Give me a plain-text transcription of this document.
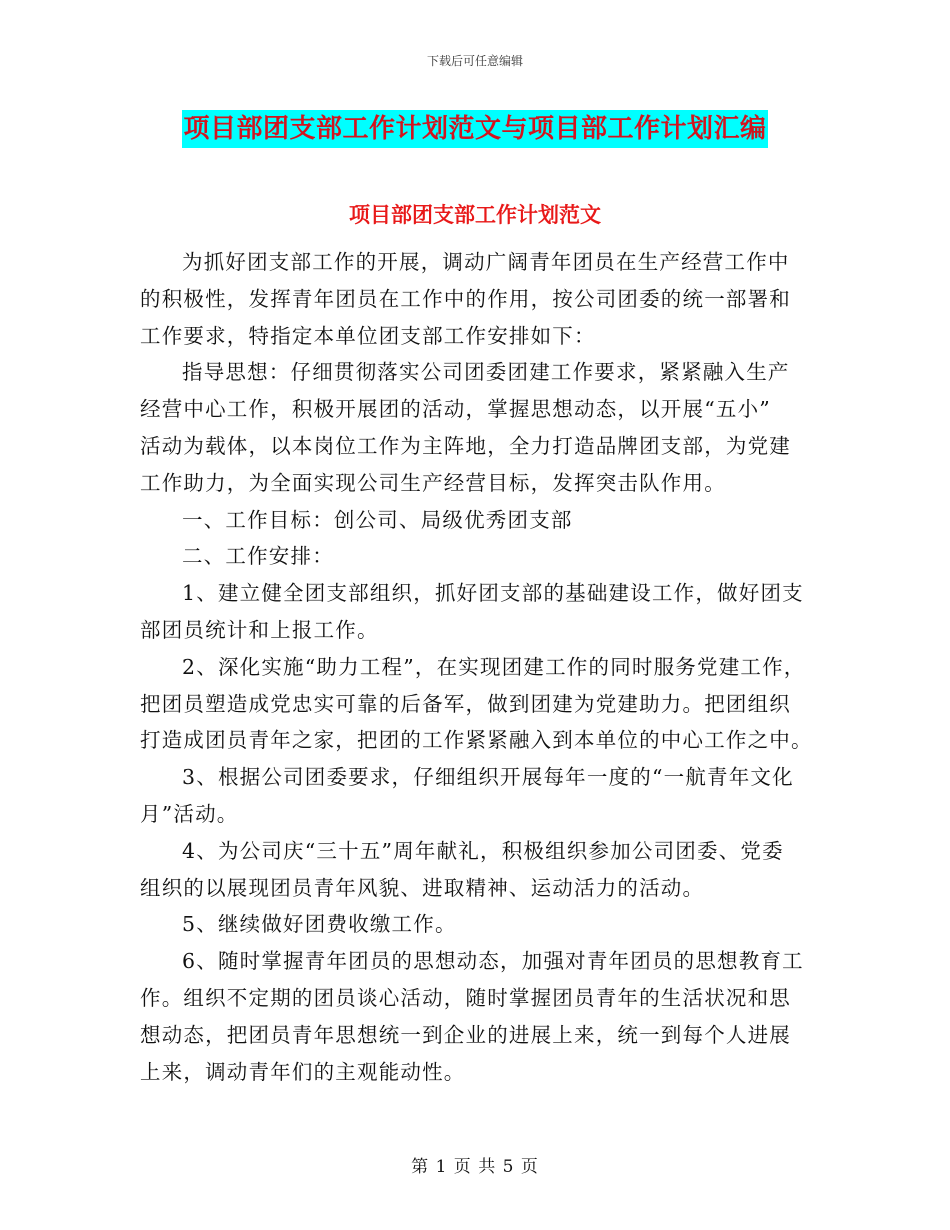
下载后可任意编辑
项目部团支部工作计划范文与项目部工作计划汇编
项目部团支部工作计划范文
为抓好团支部工作的开展，调动广阔青年团员在生产经营工作中
的积极性，发挥青年团员在工作中的作用，按公司团委的统一部署和
工作要求，特指定本单位团支部工作安排如下：
指导思想：仔细贯彻落实公司团委团建工作要求，紧紧融入生产
经营中心工作，积极开展团的活动，掌握思想动态，以开展“五小”
活动为载体，以本岗位工作为主阵地，全力打造品牌团支部，为党建
工作助力，为全面实现公司生产经营目标，发挥突击队作用。
一、工作目标：创公司、局级优秀团支部
二、工作安排：
1、建立健全团支部组织，抓好团支部的基础建设工作，做好团支
部团员统计和上报工作。
2、深化实施“助力工程”，在实现团建工作的同时服务党建工作，
把团员塑造成党忠实可靠的后备军，做到团建为党建助力。把团组织
打造成团员青年之家，把团的工作紧紧融入到本单位的中心工作之中。
3、根据公司团委要求，仔细组织开展每年一度的“一航青年文化
月”活动。
4、为公司庆“三十五”周年献礼，积极组织参加公司团委、党委
组织的以展现团员青年风貌、进取精神、运动活力的活动。
5、继续做好团费收缴工作。
6、随时掌握青年团员的思想动态，加强对青年团员的思想教育工
作。组织不定期的团员谈心活动，随时掌握团员青年的生活状况和思
想动态，把团员青年思想统一到企业的进展上来，统一到每个人进展
上来，调动青年们的主观能动性。
第 1 页 共 5 页
